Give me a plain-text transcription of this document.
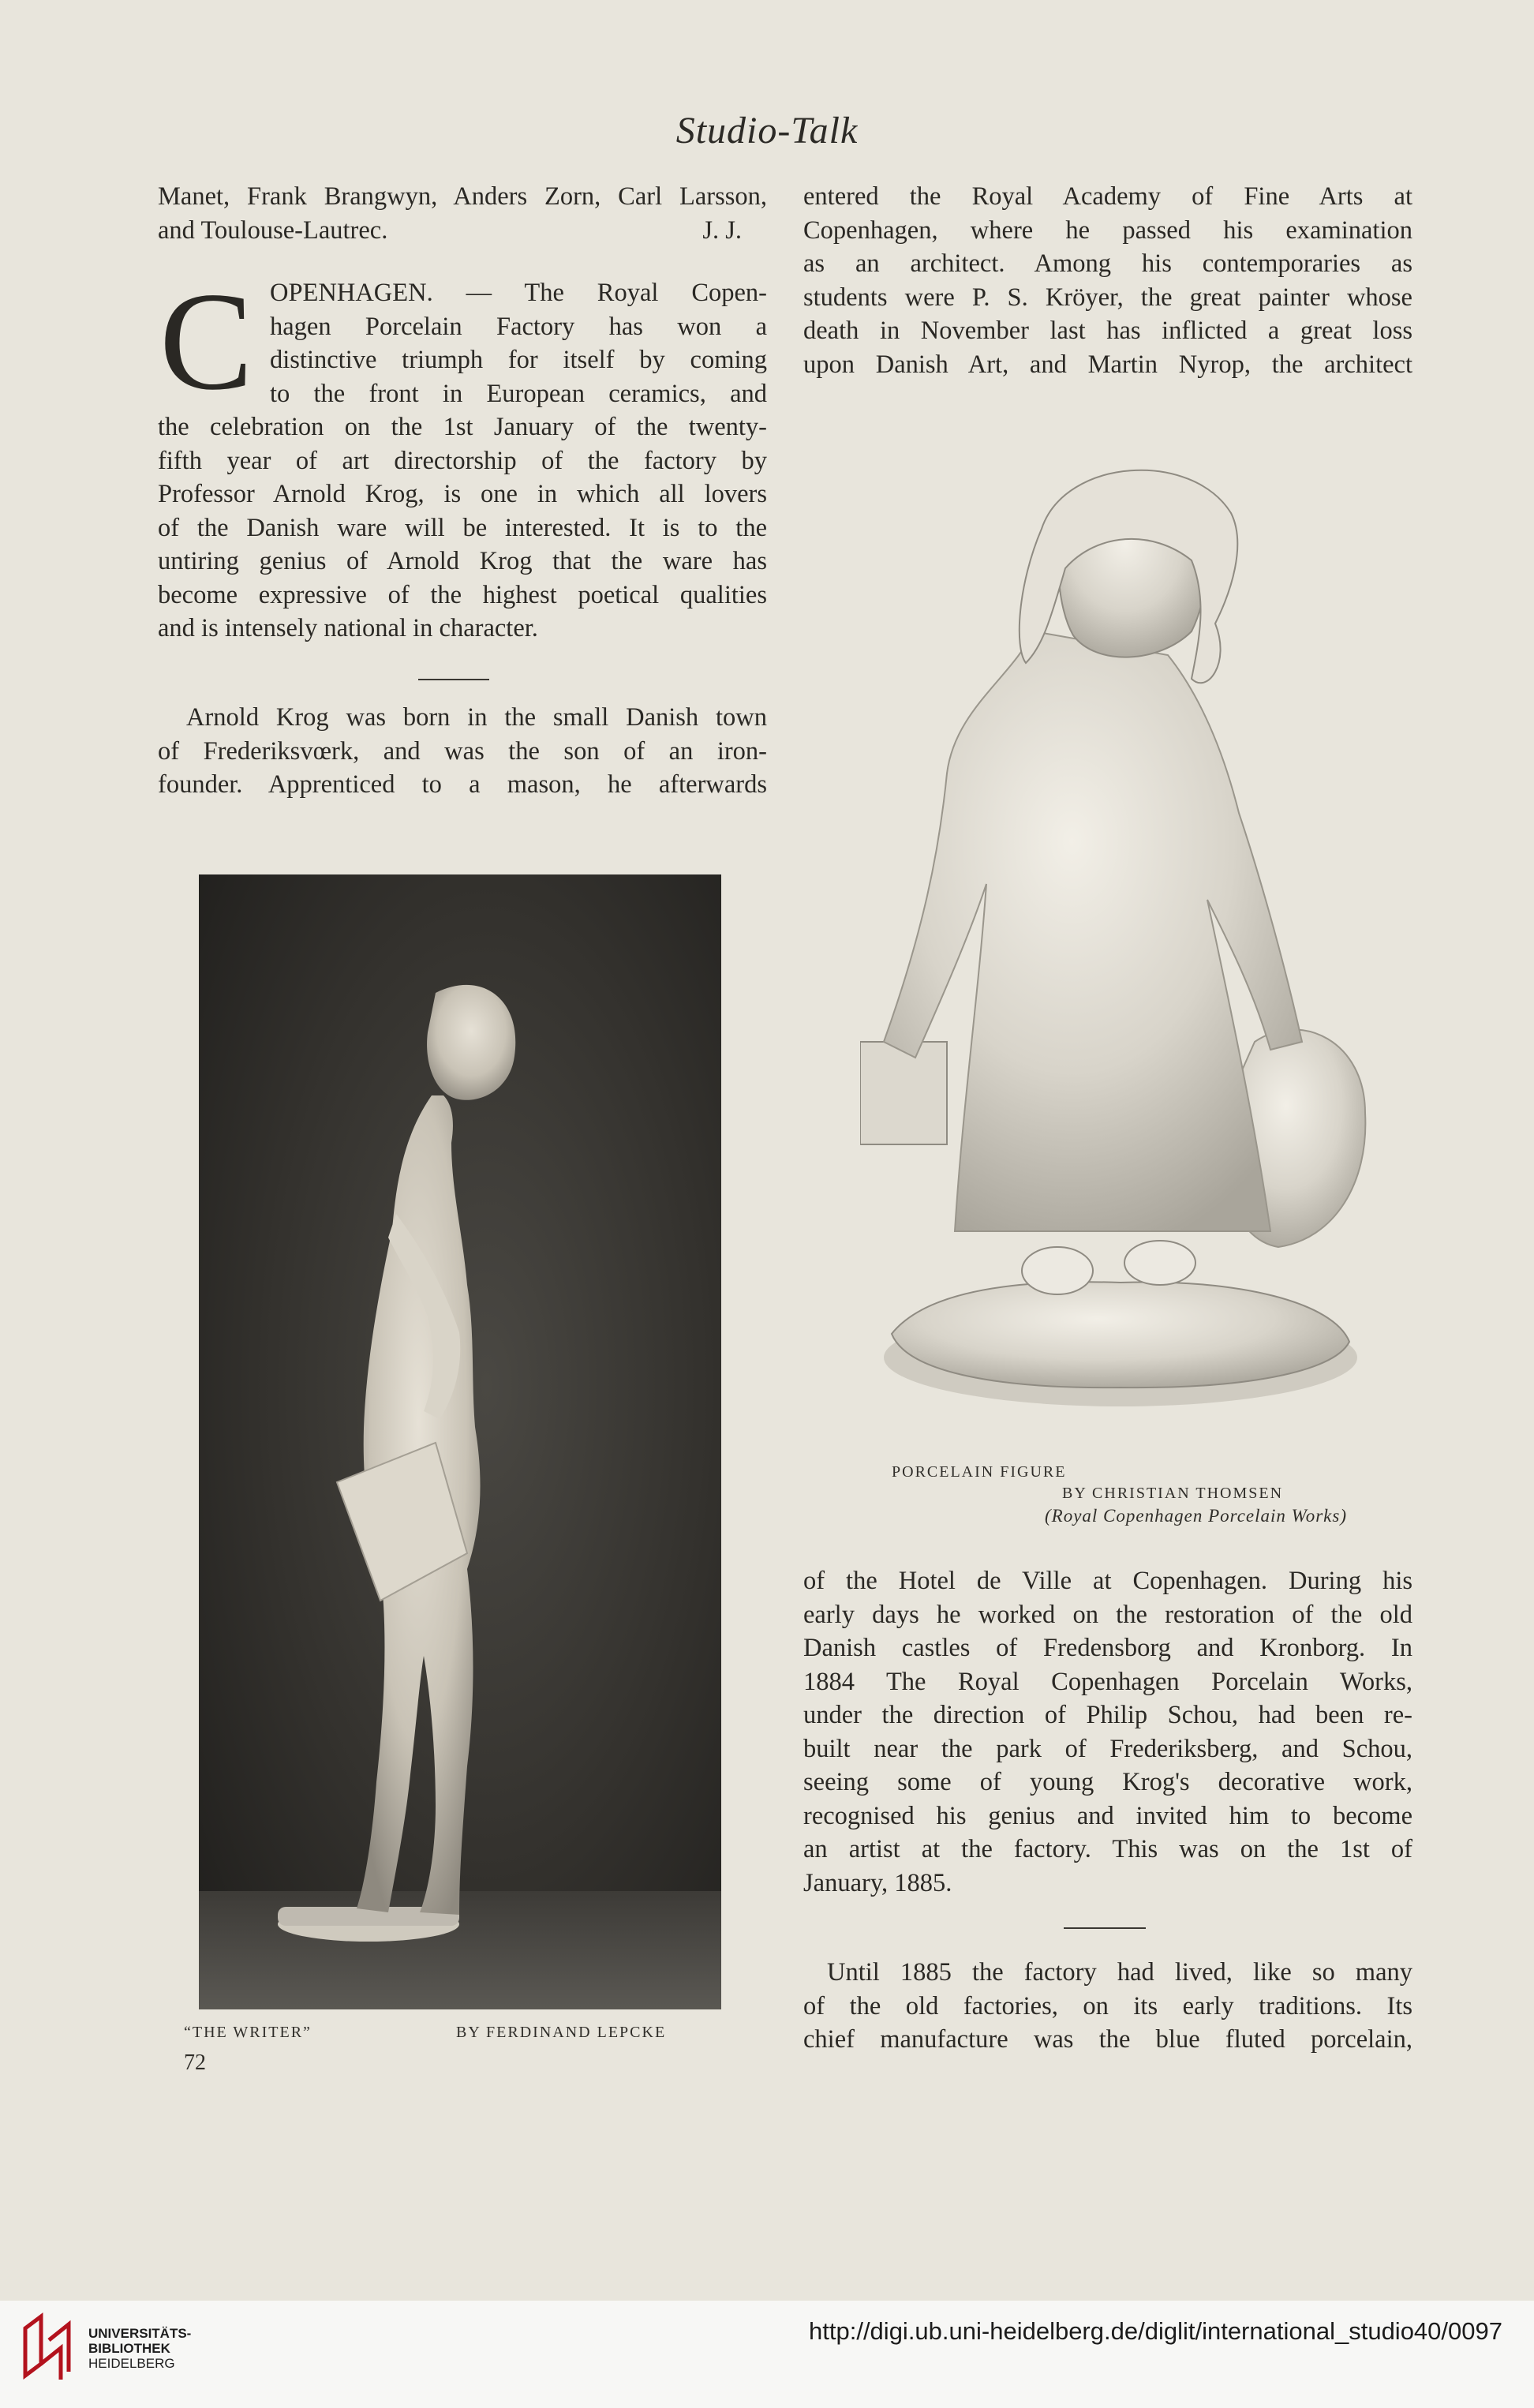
Studio-Talk
Manet, Frank Brangwyn, Anders Zorn, Carl Larsson,
and Toulouse-Lautrec.	J. J.
C OPENHAGEN. — The Royal Copen-
hagen Porcelain Factory has won a
distinctive triumph for itself by coming
to the front in European ceramics, and
the celebration on the 1st January of the twenty-
fifth year of art directorship of the factory by
Professor Arnold Krog, is one in which all lovers
of the Danish ware will be interested. It is to the
untiring genius of Arnold Krog that the ware has
become expressive of the highest poetical qualities
and is intensely national in character.
Arnold Krog was born in the small Danish town
of Frederiksvœrk, and was the son of an iron-
founder. Apprenticed to a mason, he afterwards
“THE WRITER”	BY FERDINAND LEPCKE
72
entered the Royal Academy of Fine Arts at
Copenhagen, where he passed his examination
as an architect. Among his contemporaries as
students were P. S. Kröyer, the great painter whose
death in November last has inflicted a great loss
upon Danish Art, and Martin Nyrop, the architect
PORCELAIN FIGURE
BY CHRISTIAN THOMSEN
(Royal Copenhagen Porcelain Works)
of the Hotel de Ville at Copenhagen. During his
early days he worked on the restoration of the old
Danish castles of Fredensborg and Kronborg. In
1884 The Royal Copenhagen Porcelain Works,
under the direction of Philip Schou, had been re-
built near the park of Frederiksberg, and Schou,
seeing some of young Krog's decorative work,
recognised his genius and invited him to become
an artist at the factory. This was on the 1st of
January, 1885.
Until 1885 the factory had lived, like so many
of the old factories, on its early traditions. Its
chief manufacture was the blue fluted porcelain,
UNIVERSITÄTS-
BIBLIOTHEK
HEIDELBERG
http://digi.ub.uni-heidelberg.de/diglit/international_studio40/0097
